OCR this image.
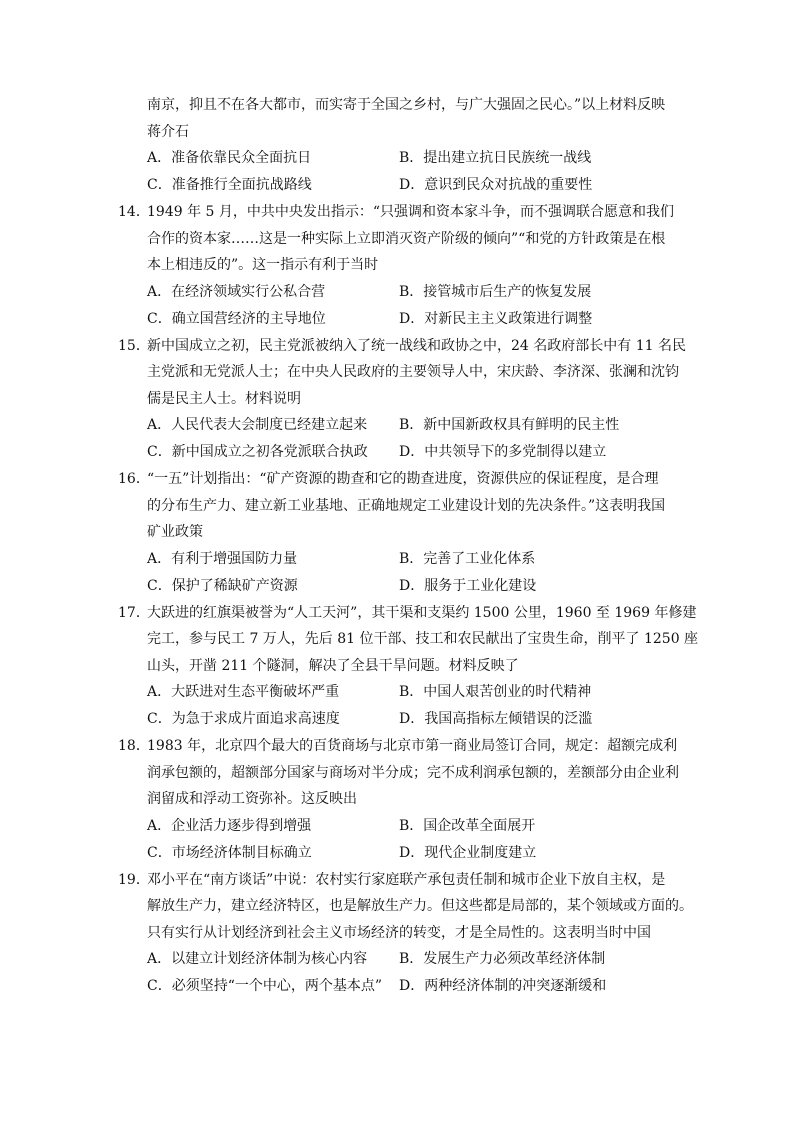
南京，抑且不在各大都市，而实寄于全国之乡村，与广大强固之民心。”以上材料反映
蒋介石
A．准备依靠民众全面抗日	B．提出建立抗日民族统一战线
C．准备推行全面抗战路线	D．意识到民众对抗战的重要性
14．1949 年 5 月，中共中央发出指示：“只强调和资本家斗争，而不强调联合愿意和我们
合作的资本家……这是一种实际上立即消灭资产阶级的倾向”“和党的方针政策是在根
本上相违反的”。这一指示有利于当时
A．在经济领域实行公私合营	B．接管城市后生产的恢复发展
C．确立国营经济的主导地位	D．对新民主主义政策进行调整
15．新中国成立之初，民主党派被纳入了统一战线和政协之中，24 名政府部长中有 11 名民
主党派和无党派人士；在中央人民政府的主要领导人中，宋庆龄、李济深、张澜和沈钧
儒是民主人士。材料说明
A．人民代表大会制度已经建立起来 B．新中国新政权具有鲜明的民主性
C．新中国成立之初各党派联合执政 D．中共领导下的多党制得以建立
16．“一五”计划指出：“矿产资源的勘查和它的勘查进度，资源供应的保证程度，是合理
的分布生产力、建立新工业基地、正确地规定工业建设计划的先决条件。”这表明我国
矿业政策
A．有利于增强国防力量	B．完善了工业化体系
C．保护了稀缺矿产资源	D．服务于工业化建设
17．大跃进的红旗渠被誉为“人工天河”，其干渠和支渠约 1500 公里，1960 至 1969 年修建
完工，参与民工 7 万人，先后 81 位干部、技工和农民献出了宝贵生命，削平了 1250 座
山头，开凿 211 个隧洞，解决了全县干旱问题。材料反映了
A．大跃进对生态平衡破坏严重	B．中国人艰苦创业的时代精神
C．为急于求成片面追求高速度	D．我国高指标左倾错误的泛滥
18．1983 年，北京四个最大的百货商场与北京市第一商业局签订合同，规定：超额完成利
润承包额的，超额部分国家与商场对半分成；完不成利润承包额的，差额部分由企业利
润留成和浮动工资弥补。这反映出
A．企业活力逐步得到增强	B．国企改革全面展开
C．市场经济体制目标确立	D．现代企业制度建立
19．邓小平在“南方谈话”中说：农村实行家庭联产承包责任制和城市企业下放自主权，是
解放生产力，建立经济特区，也是解放生产力。但这些都是局部的，某个领域或方面的。
只有实行从计划经济到社会主义市场经济的转变，才是全局性的。这表明当时中国
A．以建立计划经济体制为核心内容 B．发展生产力必须改革经济体制
C．必须坚持“一个中心，两个基本点” D．两种经济体制的冲突逐渐缓和
